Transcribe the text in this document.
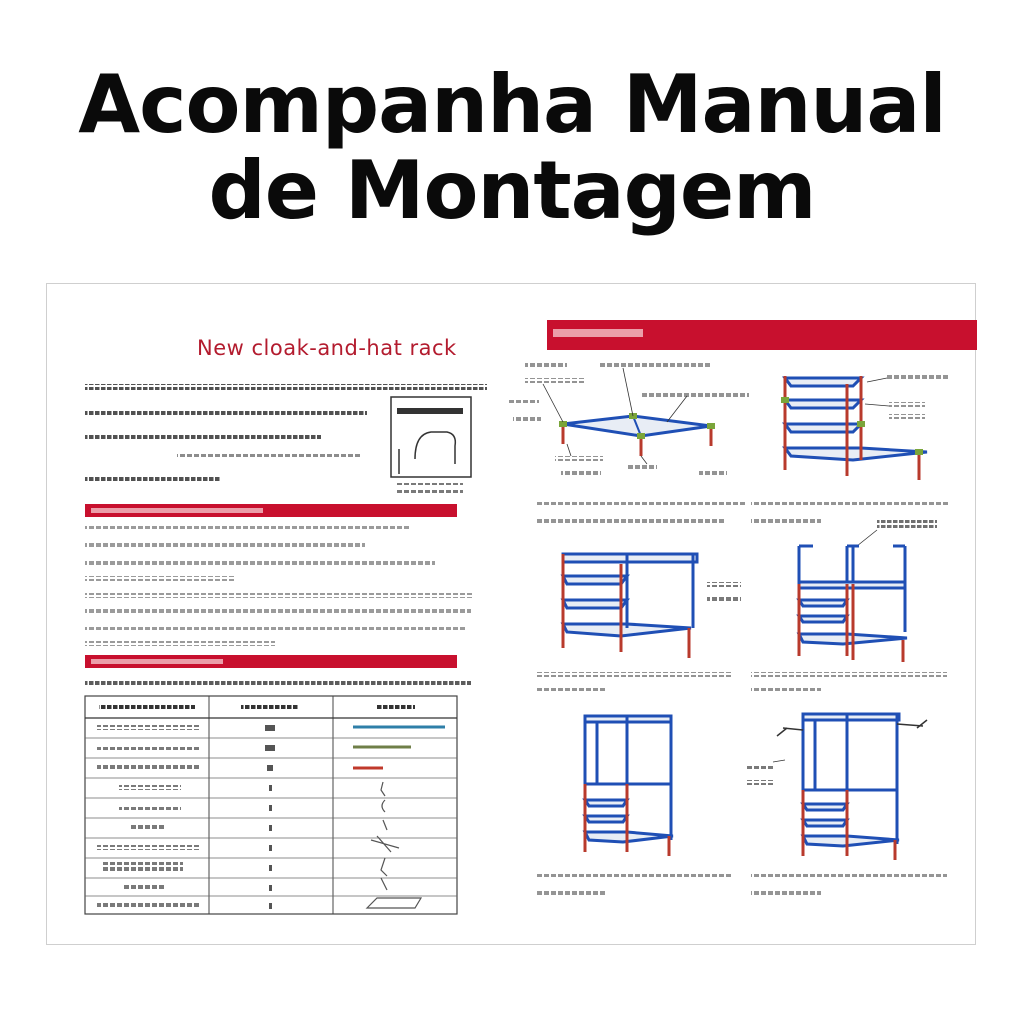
Acompanha Manual
de Montagem
New cloak-and-hat rack
